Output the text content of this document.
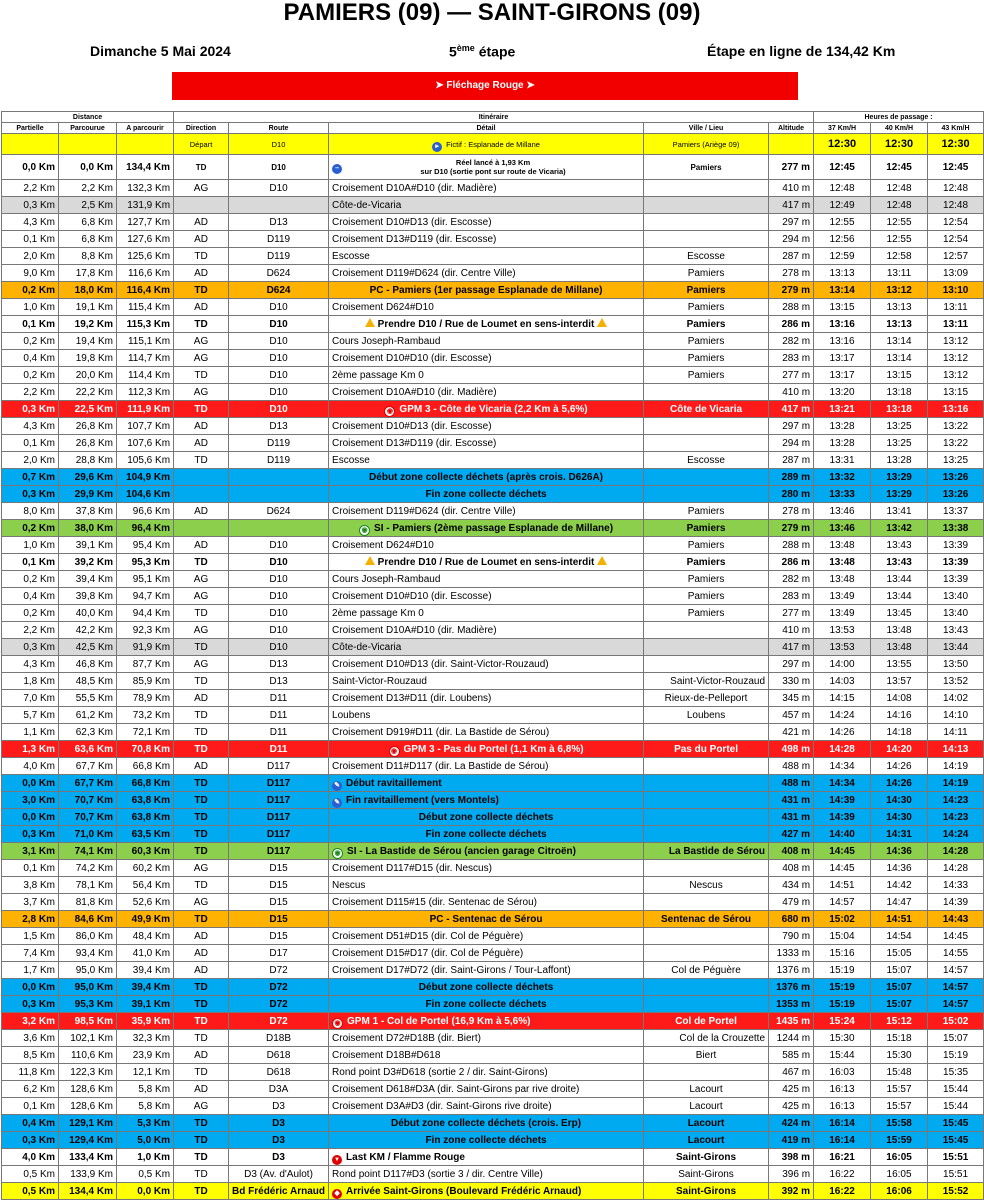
PAMIERS (09) — SAINT-GIRONS (09)
Dimanche 5 Mai 2024	5ème étape	Étape en ligne de 134,42 Km
➤ Fléchage Rouge ➤
Distance			Itinéraire					Heures de passage :		
Partielle	Parcourue	A parcourir	Direction	Route	Détail	Ville / Lieu	Altitude	37 Km/H	40 Km/H	43 Km/H
			Départ	D10	▸ Fictif : Esplanade de Millane	Pamiers (Ariège 09)		12:30	12:30	12:30
0,0 Km	0,0 Km	134,4 Km	TD	D10	–
Réel lancé à 1,93 Km
sur D10 (sortie pont sur route de Vicaria)	Pamiers	277 m	12:45	12:45	12:45
2,2 Km	2,2 Km	132,3 Km	AG	D10	Croisement D10A#D10 (dir. Madière)		410 m	12:48	12:48	12:48
0,3 Km	2,5 Km	131,9 Km			Côte-de-Vicaria		417 m	12:49	12:48	12:48
4,3 Km	6,8 Km	127,7 Km	AD	D13	Croisement D10#D13 (dir. Escosse)		297 m	12:55	12:55	12:54
0,1 Km	6,8 Km	127,6 Km	AD	D119	Croisement D13#D119 (dir. Escosse)		294 m	12:56	12:55	12:54
2,0 Km	8,8 Km	125,6 Km	TD	D119	Escosse	Escosse	287 m	12:59	12:58	12:57
9,0 Km	17,8 Km	116,6 Km	AD	D624	Croisement D119#D624 (dir. Centre Ville)	Pamiers	278 m	13:13	13:11	13:09
0,2 Km	18,0 Km	116,4 Km	TD	D624	PC - Pamiers (1er passage Esplanade de Millane)	Pamiers	279 m	13:14	13:12	13:10
1,0 Km	19,1 Km	115,4 Km	AD	D10	Croisement D624#D10	Pamiers	288 m	13:15	13:13	13:11
0,1 Km	19,2 Km	115,3 Km	TD	D10	Prendre D10 / Rue de Loumet en sens-interdit	Pamiers	286 m	13:16	13:13	13:11
0,2 Km	19,4 Km	115,1 Km	AG	D10	Cours Joseph-Rambaud	Pamiers	282 m	13:16	13:14	13:12
0,4 Km	19,8 Km	114,7 Km	AG	D10	Croisement D10#D10 (dir. Escosse)	Pamiers	283 m	13:17	13:14	13:12
0,2 Km	20,0 Km	114,4 Km	TD	D10	2ème passage Km 0	Pamiers	277 m	13:17	13:15	13:12
2,2 Km	22,2 Km	112,3 Km	AG	D10	Croisement D10A#D10 (dir. Madière)		410 m	13:20	13:18	13:15
0,3 Km	22,5 Km	111,9 Km	TD	D10	◉ GPM 3 - Côte de Vicaria (2,2 Km à 5,6%)	Côte de Vicaria	417 m	13:21	13:18	13:16
4,3 Km	26,8 Km	107,7 Km	AD	D13	Croisement D10#D13 (dir. Escosse)		297 m	13:28	13:25	13:22
0,1 Km	26,8 Km	107,6 Km	AD	D119	Croisement D13#D119 (dir. Escosse)		294 m	13:28	13:25	13:22
2,0 Km	28,8 Km	105,6 Km	TD	D119	Escosse	Escosse	287 m	13:31	13:28	13:25
0,7 Km	29,6 Km	104,9 Km			Début zone collecte déchets (après crois. D626A)		289 m	13:32	13:29	13:26
0,3 Km	29,9 Km	104,6 Km			Fin zone collecte déchets		280 m	13:33	13:29	13:26
8,0 Km	37,8 Km	96,6 Km	AD	D624	Croisement D119#D624 (dir. Centre Ville)	Pamiers	278 m	13:46	13:41	13:37
0,2 Km	38,0 Km	96,4 Km			◉ SI - Pamiers (2ème passage Esplanade de Millane)	Pamiers	279 m	13:46	13:42	13:38
1,0 Km	39,1 Km	95,4 Km	AD	D10	Croisement D624#D10	Pamiers	288 m	13:48	13:43	13:39
0,1 Km	39,2 Km	95,3 Km	TD	D10	Prendre D10 / Rue de Loumet en sens-interdit	Pamiers	286 m	13:48	13:43	13:39
0,2 Km	39,4 Km	95,1 Km	AG	D10	Cours Joseph-Rambaud	Pamiers	282 m	13:48	13:44	13:39
0,4 Km	39,8 Km	94,7 Km	AG	D10	Croisement D10#D10 (dir. Escosse)	Pamiers	283 m	13:49	13:44	13:40
0,2 Km	40,0 Km	94,4 Km	TD	D10	2ème passage Km 0	Pamiers	277 m	13:49	13:45	13:40
2,2 Km	42,2 Km	92,3 Km	AG	D10	Croisement D10A#D10 (dir. Madière)		410 m	13:53	13:48	13:43
0,3 Km	42,5 Km	91,9 Km	TD	D10	Côte-de-Vicaria		417 m	13:53	13:48	13:44
4,3 Km	46,8 Km	87,7 Km	AG	D13	Croisement D10#D13 (dir. Saint-Victor-Rouzaud)		297 m	14:00	13:55	13:50
1,8 Km	48,5 Km	85,9 Km	TD	D13	Saint-Victor-Rouzaud	Saint-Victor-Rouzaud	330 m	14:03	13:57	13:52
7,0 Km	55,5 Km	78,9 Km	AD	D11	Croisement D13#D11 (dir. Loubens)	Rieux-de-Pelleport	345 m	14:15	14:08	14:02
5,7 Km	61,2 Km	73,2 Km	TD	D11	Loubens	Loubens	457 m	14:24	14:16	14:10
1,1 Km	62,3 Km	72,1 Km	TD	D11	Croisement D919#D11 (dir. La Bastide de Sérou)		421 m	14:26	14:18	14:11
1,3 Km	63,6 Km	70,8 Km	TD	D11	◉ GPM 3 - Pas du Portel (1,1 Km à 6,8%)	Pas du Portel	498 m	14:28	14:20	14:13
4,0 Km	67,7 Km	66,8 Km	AD	D117	Croisement D11#D117 (dir. La Bastide de Sérou)		488 m	14:34	14:26	14:19
0,0 Km	67,7 Km	66,8 Km	TD	D117	✎ Début ravitaillement		488 m	14:34	14:26	14:19
3,0 Km	70,7 Km	63,8 Km	TD	D117	✎ Fin ravitaillement (vers Montels)		431 m	14:39	14:30	14:23
0,0 Km	70,7 Km	63,8 Km	TD	D117	Début zone collecte déchets		431 m	14:39	14:30	14:23
0,3 Km	71,0 Km	63,5 Km	TD	D117	Fin zone collecte déchets		427 m	14:40	14:31	14:24
3,1 Km	74,1 Km	60,3 Km	TD	D117	◉ SI - La Bastide de Sérou (ancien garage Citroën)	La Bastide de Sérou	408 m	14:45	14:36	14:28
0,1 Km	74,2 Km	60,2 Km	AG	D15	Croisement D117#D15 (dir. Nescus)		408 m	14:45	14:36	14:28
3,8 Km	78,1 Km	56,4 Km	TD	D15	Nescus	Nescus	434 m	14:51	14:42	14:33
3,7 Km	81,8 Km	52,6 Km	AG	D15	Croisement D115#15 (dir. Sentenac de Sérou)		479 m	14:57	14:47	14:39
2,8 Km	84,6 Km	49,9 Km	TD	D15	PC - Sentenac de Sérou	Sentenac de Sérou	680 m	15:02	14:51	14:43
1,5 Km	86,0 Km	48,4 Km	AD	D15	Croisement D51#D15 (dir. Col de Péguère)		790 m	15:04	14:54	14:45
7,4 Km	93,4 Km	41,0 Km	AD	D17	Croisement D15#D17 (dir. Col de Péguère)		1333 m	15:16	15:05	14:55
1,7 Km	95,0 Km	39,4 Km	AD	D72	Croisement D17#D72 (dir. Saint-Girons / Tour-Laffont)	Col de Péguère	1376 m	15:19	15:07	14:57
0,0 Km	95,0 Km	39,4 Km	TD	D72	Début zone collecte déchets		1376 m	15:19	15:07	14:57
0,3 Km	95,3 Km	39,1 Km	TD	D72	Fin zone collecte déchets		1353 m	15:19	15:07	14:57
3,2 Km	98,5 Km	35,9 Km	TD	D72	◉ GPM 1 - Col de Portel (16,9 Km à 5,6%)	Col de Portel	1435 m	15:24	15:12	15:02
3,6 Km	102,1 Km	32,3 Km	TD	D18B	Croisement D72#D18B (dir. Biert)	Col de la Crouzette	1244 m	15:30	15:18	15:07
8,5 Km	110,6 Km	23,9 Km	AD	D618	Croisement D18B#D618	Biert	585 m	15:44	15:30	15:19
11,8 Km	122,3 Km	12,1 Km	TD	D618	Rond point D3#D618 (sortie 2 / dir. Saint-Girons)		467 m	16:03	15:48	15:35
6,2 Km	128,6 Km	5,8 Km	AD	D3A	Croisement D618#D3A (dir. Saint-Girons par rive droite)	Lacourt	425 m	16:13	15:57	15:44
0,1 Km	128,6 Km	5,8 Km	AG	D3	Croisement D3A#D3 (dir. Saint-Girons rive droite)	Lacourt	425 m	16:13	15:57	15:44
0,4 Km	129,1 Km	5,3 Km	TD	D3	Début zone collecte déchets (crois. Erp)	Lacourt	424 m	16:14	15:58	15:45
0,3 Km	129,4 Km	5,0 Km	TD	D3	Fin zone collecte déchets	Lacourt	419 m	16:14	15:59	15:45
4,0 Km	133,4 Km	1,0 Km	TD	D3	▼ Last KM / Flamme Rouge	Saint-Girons	398 m	16:21	16:05	15:51
0,5 Km	133,9 Km	0,5 Km	TD	D3 (Av. d'Aulot)	Rond point D117#D3 (sortie 3 / dir. Centre Ville)	Saint-Girons	396 m	16:22	16:05	15:51
0,5 Km	134,4 Km	0,0 Km	TD	Bd Frédéric Arnaud	◆ Arrivée Saint-Girons (Boulevard Frédéric Arnaud)	Saint-Girons	392 m	16:22	16:06	15:52
